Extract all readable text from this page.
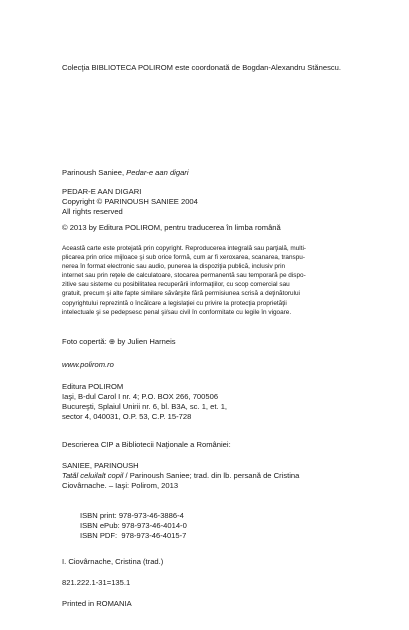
Colecţia BIBLIOTECA POLIROM este coordonată de Bogdan-Alexandru Stănescu.
Parinoush Saniee, Pedar-e aan digari
PEDAR-E AAN DIGARI
Copyright © PARINOUSH SANIEE 2004
All rights reserved
© 2013 by Editura POLIROM, pentru traducerea în limba română
Această carte este protejată prin copyright. Reproducerea integrală sau parţială, multi-
plicarea prin orice mijloace şi sub orice formă, cum ar fi xeroxarea, scanarea, transpu-
nerea în format electronic sau audio, punerea la dispoziţia publică, inclusiv prin
internet sau prin reţele de calculatoare, stocarea permanentă sau temporară pe dispo-
zitive sau sisteme cu posibilitatea recuperării informaţiilor, cu scop comercial sau
gratuit, precum şi alte fapte similare săvârşite fără permisiunea scrisă a deţinătorului
copyrightului reprezintă o încălcare a legislaţiei cu privire la protecţia proprietăţii
intelectuale şi se pedepsesc penal şi/sau civil în conformitate cu legile în vigoare.
Foto copertă: ⊕ by Julien Harneis
www.polirom.ro
Editura POLIROM
Iaşi, B-dul Carol I nr. 4; P.O. BOX 266, 700506
Bucureşti, Splaiul Unirii nr. 6, bl. B3A, sc. 1, et. 1,
sector 4, 040031, O.P. 53, C.P. 15-728
Descrierea CIP a Bibliotecii Naţionale a României:
SANIEE, PARINOUSH
Tatăl celuilalt copil / Parinoush Saniee; trad. din lb. persană de Cristina
Ciovârnache. – Iaşi: Polirom, 2013
ISBN print: 978-973-46-3886-4
ISBN ePub: 978-973-46-4014-0
ISBN PDF:  978-973-46-4015-7
I. Ciovârnache, Cristina (trad.)
821.222.1-31=135.1
Printed in ROMANIA
